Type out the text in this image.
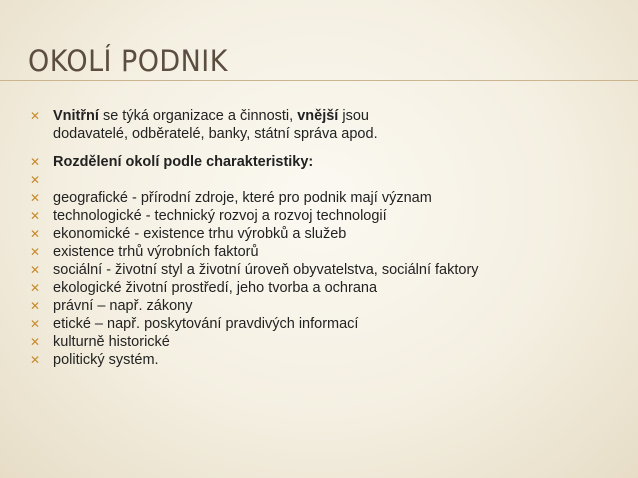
OKOLÍ PODNIK
✕ Vnitřní se týká organizace a činnosti, vnější jsou
dodavatelé, odběratelé, banky, státní správa apod.
✕ Rozdělení okolí podle charakteristiky:
✕
✕ geografické - přírodní zdroje, které pro podnik mají význam
✕ technologické - technický rozvoj a rozvoj technologií
✕ ekonomické - existence trhu výrobků a služeb
✕ existence trhů výrobních faktorů
✕ sociální - životní styl a životní úroveň obyvatelstva, sociální faktory
✕ ekologické životní prostředí, jeho tvorba a ochrana
✕ právní – např. zákony
✕ etické – např. poskytování pravdivých informací
✕ kulturně historické
✕ politický systém.
